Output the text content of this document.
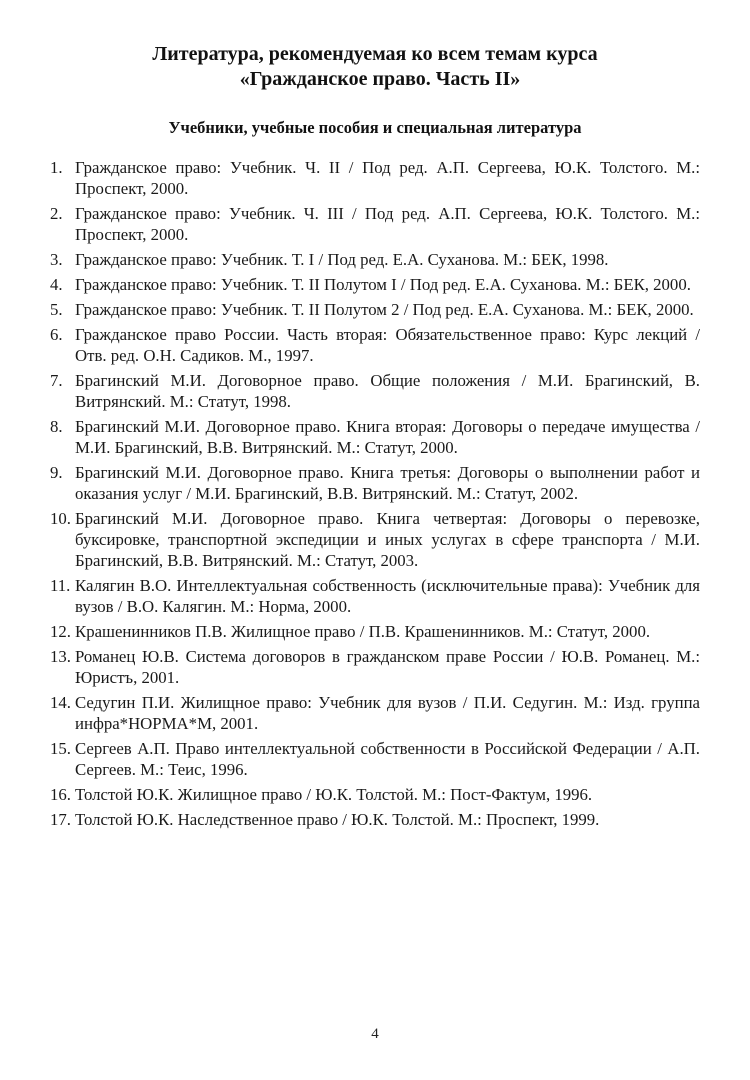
Литература, рекомендуемая ко всем темам курса
«Гражданское право. Часть II»
Учебники, учебные пособия и специальная литература
1. Гражданское право: Учебник. Ч. II / Под ред. А.П. Сергеева, Ю.К. Толстого. М.: Проспект, 2000.
2. Гражданское право: Учебник. Ч. III / Под ред. А.П. Сергеева, Ю.К. Толстого. М.: Проспект, 2000.
3. Гражданское право: Учебник. Т. I / Под ред. Е.А. Суханова. М.: БЕК, 1998.
4. Гражданское право: Учебник. Т. II Полутом I / Под ред. Е.А. Суханова. М.: БЕК, 2000.
5. Гражданское право: Учебник. Т. II Полутом 2 / Под ред. Е.А. Суханова. М.: БЕК, 2000.
6. Гражданское право России. Часть вторая: Обязательственное право: Курс лекций / Отв. ред. О.Н. Садиков. М., 1997.
7. Брагинский М.И. Договорное право. Общие положения / М.И. Брагинский, В. Витрянский. М.: Статут, 1998.
8. Брагинский М.И. Договорное право. Книга вторая: Договоры о передаче имущества / М.И. Брагинский, В.В. Витрянский. М.: Статут, 2000.
9. Брагинский М.И. Договорное право. Книга третья: Договоры о выполнении работ и оказания услуг / М.И. Брагинский, В.В. Витрянский. М.: Статут, 2002.
10. Брагинский М.И. Договорное право. Книга четвертая: Договоры о перевозке, буксировке, транспортной экспедиции и иных услугах в сфере транспорта / М.И. Брагинский, В.В. Витрянский. М.: Статут, 2003.
11. Калягин В.О. Интеллектуальная собственность (исключительные права): Учебник для вузов / В.О. Калягин. М.: Норма, 2000.
12. Крашенинников П.В. Жилищное право / П.В. Крашенинников. М.: Статут, 2000.
13. Романец Ю.В. Система договоров в гражданском праве России / Ю.В. Романец. М.: Юристъ, 2001.
14. Седугин П.И. Жилищное право: Учебник для вузов / П.И. Седугин. М.: Изд. группа инфра*НОРМА*М, 2001.
15. Сергеев А.П. Право интеллектуальной собственности в Российской Федерации / А.П. Сергеев. М.: Теис, 1996.
16. Толстой Ю.К. Жилищное право / Ю.К. Толстой. М.: Пост-Фактум, 1996.
17. Толстой Ю.К. Наследственное право / Ю.К. Толстой. М.: Проспект, 1999.
4
